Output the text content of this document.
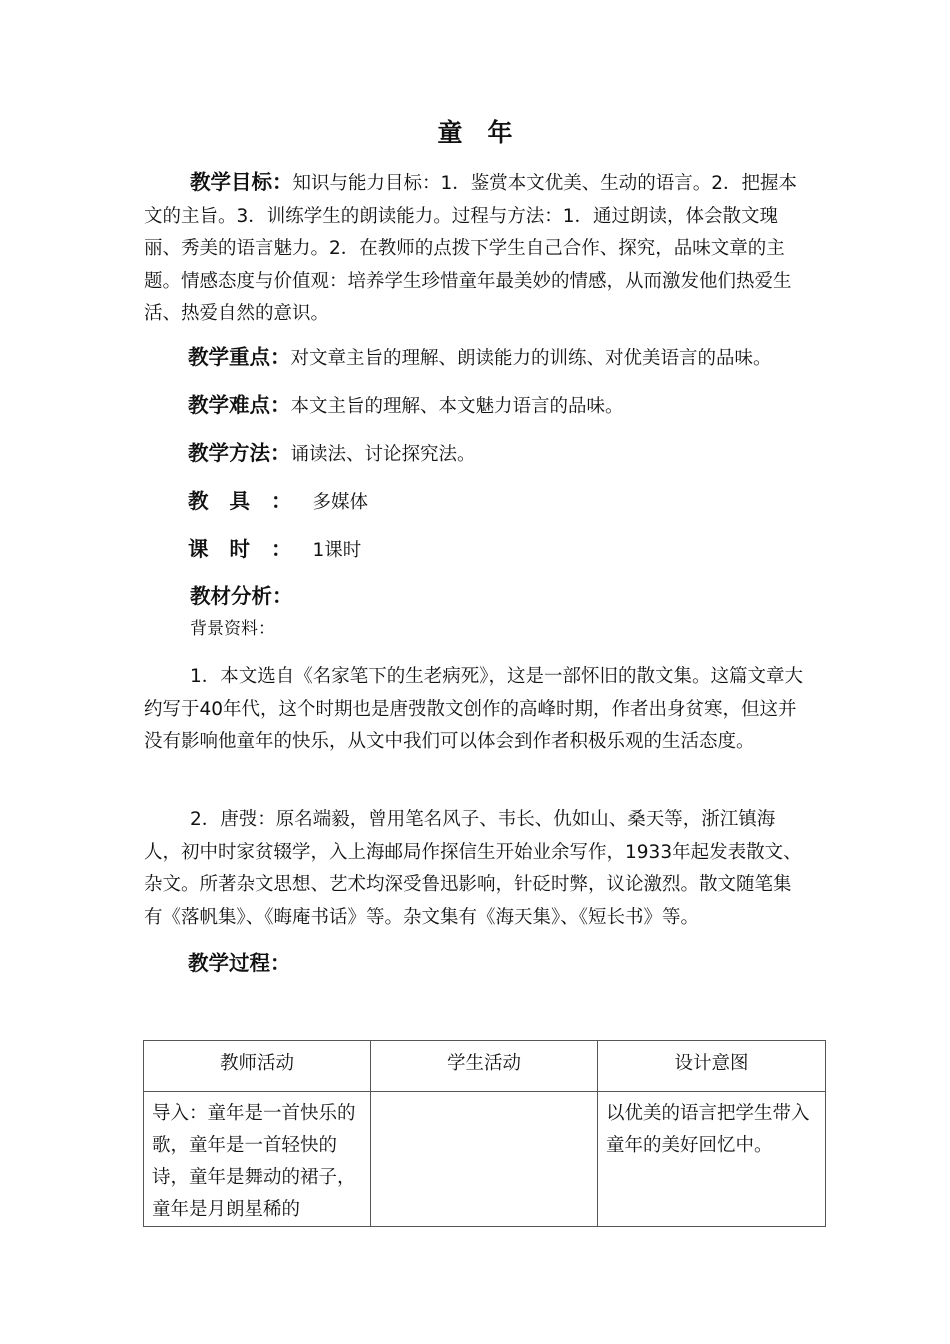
童　年

教学目标：知识与能力目标：1．鉴赏本文优美、生动的语言。2．把握本文的主旨。3．训练学生的朗读能力。过程与方法：1．通过朗读，体会散文瑰丽、秀美的语言魅力。2．在教师的点拨下学生自己合作、探究，品味文章的主题。情感态度与价值观：培养学生珍惜童年最美妙的情感，从而激发他们热爱生活、热爱自然的意识。

教学重点：对文章主旨的理解、朗读能力的训练、对优美语言的品味。
教学难点：本文主旨的理解、本文魅力语言的品味。
教学方法：诵读法、讨论探究法。
教具：多媒体
课时：1课时
教材分析：
背景资料：

1．本文选自《名家笔下的生老病死》，这是一部怀旧的散文集。这篇文章大约写于40年代，这个时期也是唐弢散文创作的高峰时期，作者出身贫寒，但这并没有影响他童年的快乐，从文中我们可以体会到作者积极乐观的生活态度。

2．唐弢：原名端毅，曾用笔名风子、韦长、仇如山、桑天等，浙江镇海人，初中时家贫辍学，入上海邮局作探信生开始业余写作，1933年起发表散文、杂文。所著杂文思想、艺术均深受鲁迅影响，针砭时弊，议论激烈。散文随笔集有《落帆集》、《晦庵书话》等。杂文集有《海天集》、《短长书》等。

教学过程：
教师活动	学生活动	设计意图
导入：童年是一首快乐的歌，童年是一首轻快的诗，童年是舞动的裙子，童年是月朗星稀的		以优美的语言把学生带入童年的美好回忆中。
